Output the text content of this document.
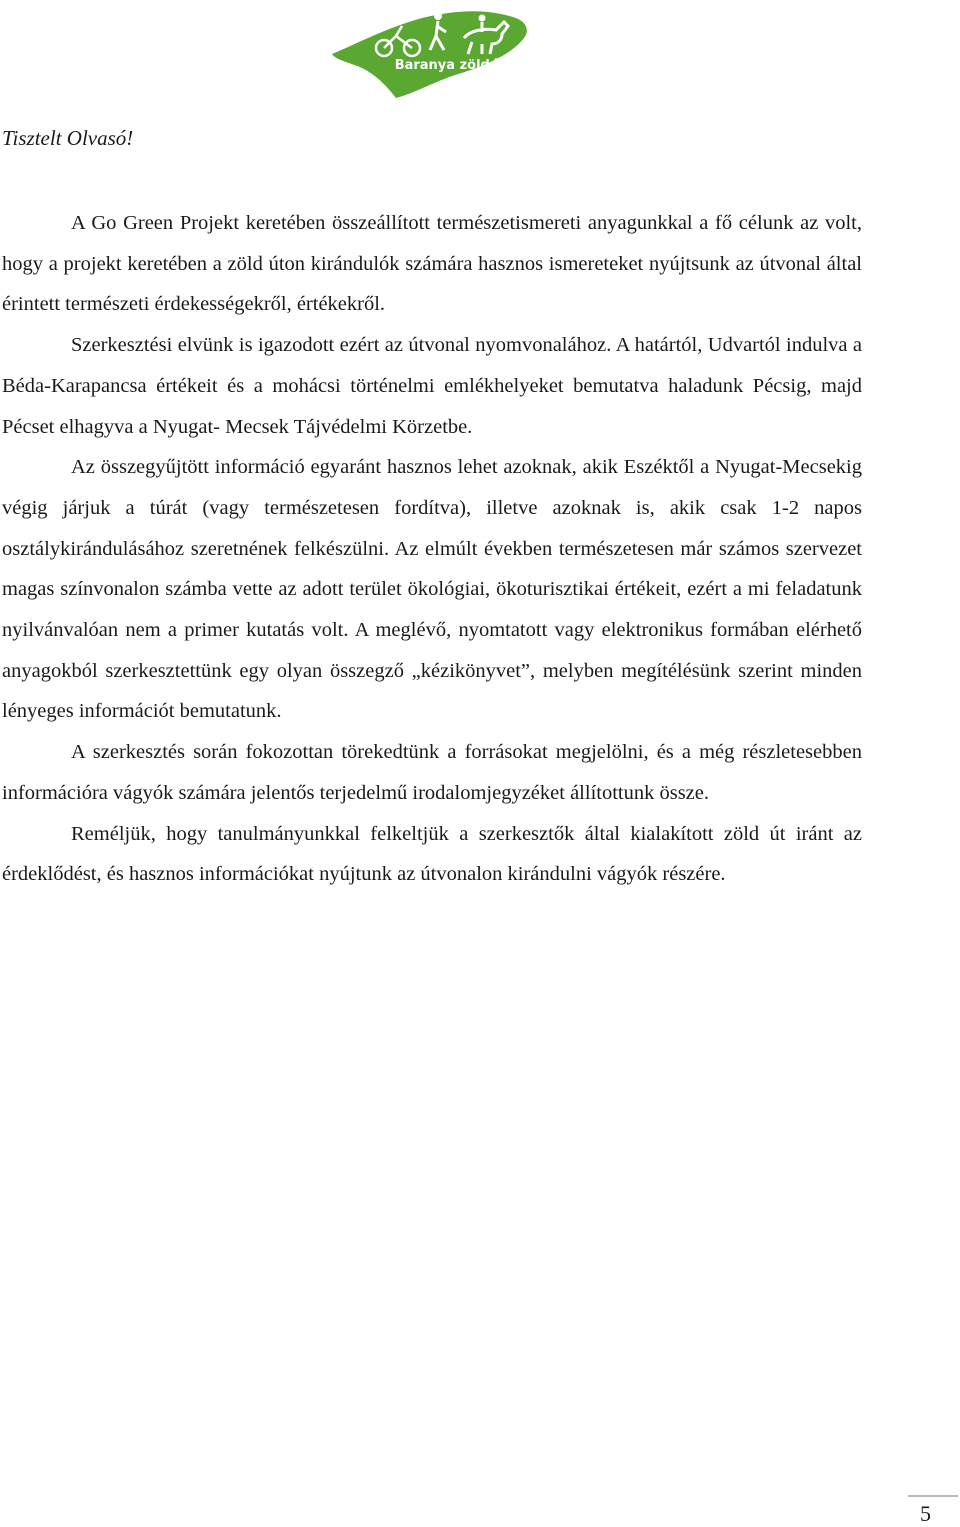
Baranya zöldút

Tisztelt Olvasó!

A Go Green Projekt keretében összeállított természetismereti anyagunkkal a fő célunk az volt, hogy a projekt keretében a zöld úton kirándulók számára hasznos ismereteket nyújtsunk az útvonal által érintett természeti érdekességekről, értékekről.

Szerkesztési elvünk is igazodott ezért az útvonal nyomvonalához. A határtól, Udvartól indulva a Béda-Karapancsa értékeit és a mohácsi történelmi emlékhelyeket bemutatva haladunk Pécsig, majd Pécset elhagyva a Nyugat- Mecsek Tájvédelmi Körzetbe.

Az összegyűjtött információ egyaránt hasznos lehet azoknak, akik Eszéktől a Nyugat-Mecsekig végig járjuk a túrát (vagy természetesen fordítva), illetve azoknak is, akik csak 1-2 napos osztálykirándulásához szeretnének felkészülni. Az elmúlt években természetesen már számos szervezet magas színvonalon számba vette az adott terület ökológiai, ökoturisztikai értékeit, ezért a mi feladatunk nyilvánvalóan nem a primer kutatás volt. A meglévő, nyomtatott vagy elektronikus formában elérhető anyagokból szerkesztettünk egy olyan összegző „kézikönyvet”, melyben megítélésünk szerint minden lényeges információt bemutatunk.

A szerkesztés során fokozottan törekedtünk a forrásokat megjelölni, és a még részletesebben információra vágyók számára jelentős terjedelmű irodalomjegyzéket állítottunk össze.

Reméljük, hogy tanulmányunkkal felkeltjük a szerkesztők által kialakított zöld út iránt az érdeklődést, és hasznos információkat nyújtunk az útvonalon kirándulni vágyók részére.

5
